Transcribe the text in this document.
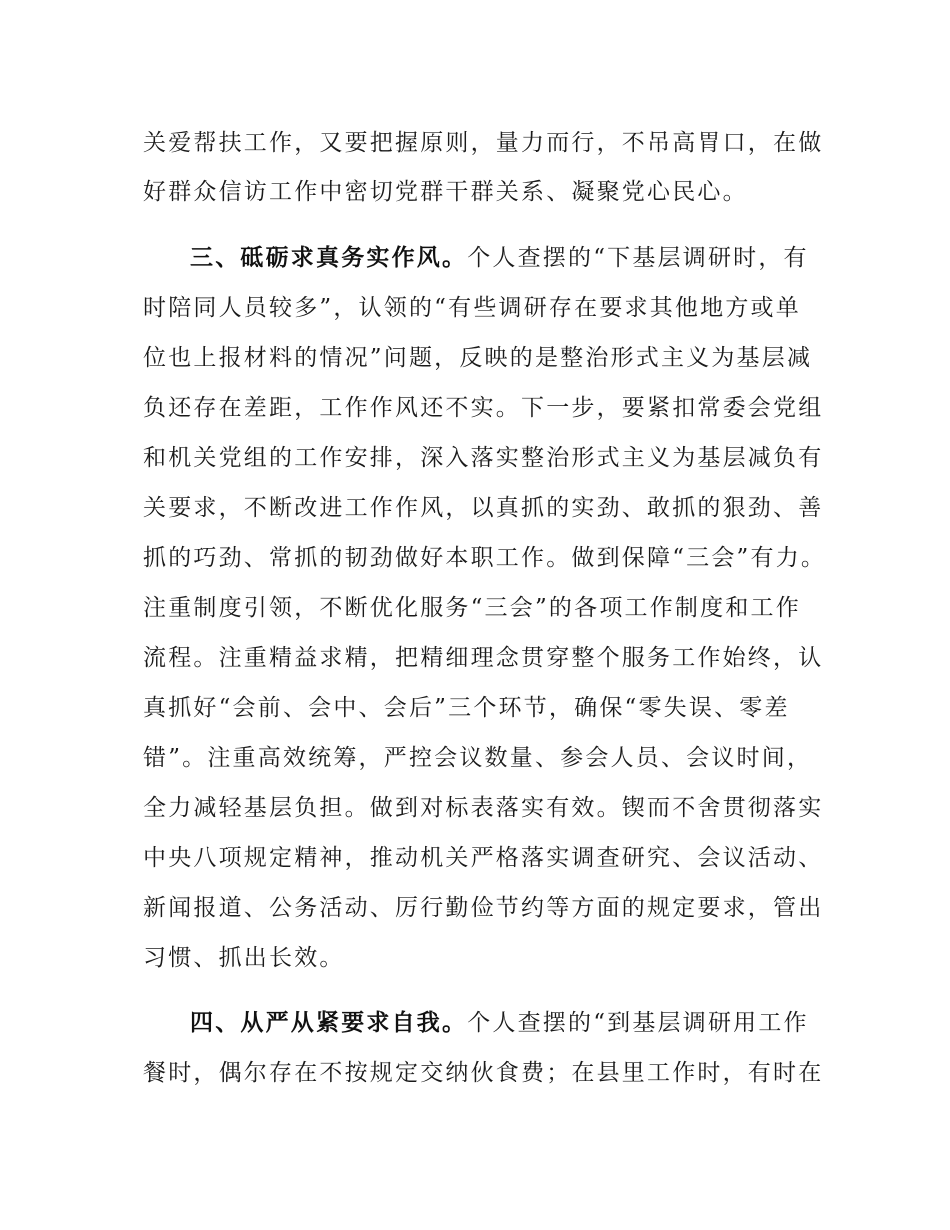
关爱帮扶工作，又要把握原则，量力而行，不吊高胃口，在做
好群众信访工作中密切党群干群关系、凝聚党心民心。
三、砥砺求真务实作风。个人查摆的“下基层调研时，有
时陪同人员较多”，认领的“有些调研存在要求其他地方或单
位也上报材料的情况”问题，反映的是整治形式主义为基层减
负还存在差距，工作作风还不实。下一步，要紧扣常委会党组
和机关党组的工作安排，深入落实整治形式主义为基层减负有
关要求，不断改进工作作风，以真抓的实劲、敢抓的狠劲、善
抓的巧劲、常抓的韧劲做好本职工作。做到保障“三会”有力。
注重制度引领，不断优化服务“三会”的各项工作制度和工作
流程。注重精益求精，把精细理念贯穿整个服务工作始终，认
真抓好“会前、会中、会后”三个环节，确保“零失误、零差
错”。注重高效统筹，严控会议数量、参会人员、会议时间，
全力减轻基层负担。做到对标表落实有效。锲而不舍贯彻落实
中央八项规定精神，推动机关严格落实调查研究、会议活动、
新闻报道、公务活动、厉行勤俭节约等方面的规定要求，管出
习惯、抓出长效。
四、从严从紧要求自我。个人查摆的“到基层调研用工作
餐时，偶尔存在不按规定交纳伙食费；在县里工作时，有时在
